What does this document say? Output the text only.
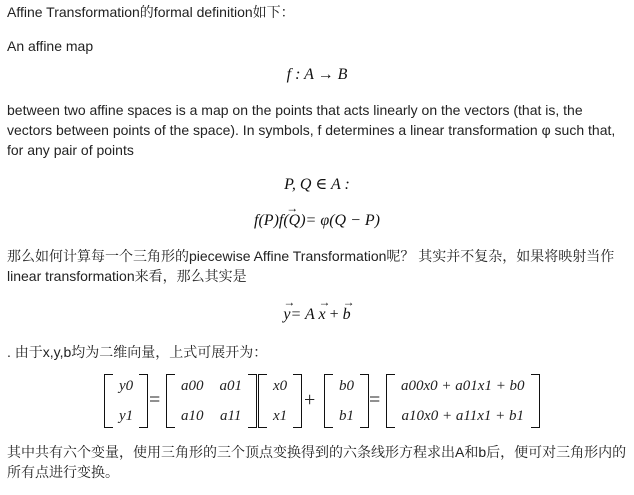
Affine Transformation的formal definition如下：

An affine map

f : A → B

between two affine spaces is a map on the points that acts linearly on the vectors (that is, the

vectors between points of the space). In symbols, f determines a linear transformation φ such that,

for any pair of points

P, Q ∈ A :
f(P)
→
f(Q)= φ(Q − P)

那么如何计算每一个三角形的piecewise Affine Transformation呢？ 其实并不复杂，如果将映射当作

linear transformation来看，那么其实是

→
y= A
→
x +
→
b

. 由于x,y,b均为二维向量，上式可展开为：

y0
y1
=
a00 a01
a10 a11
x0
x1
+
b0
b1
=
a00x0 + a01x1 + b0
a10x0 + a11x1 + b1

其中共有六个变量，使用三角形的三个顶点变换得到的六条线形方程求出A和b后，便可对三角形内的

所有点进行变换。
